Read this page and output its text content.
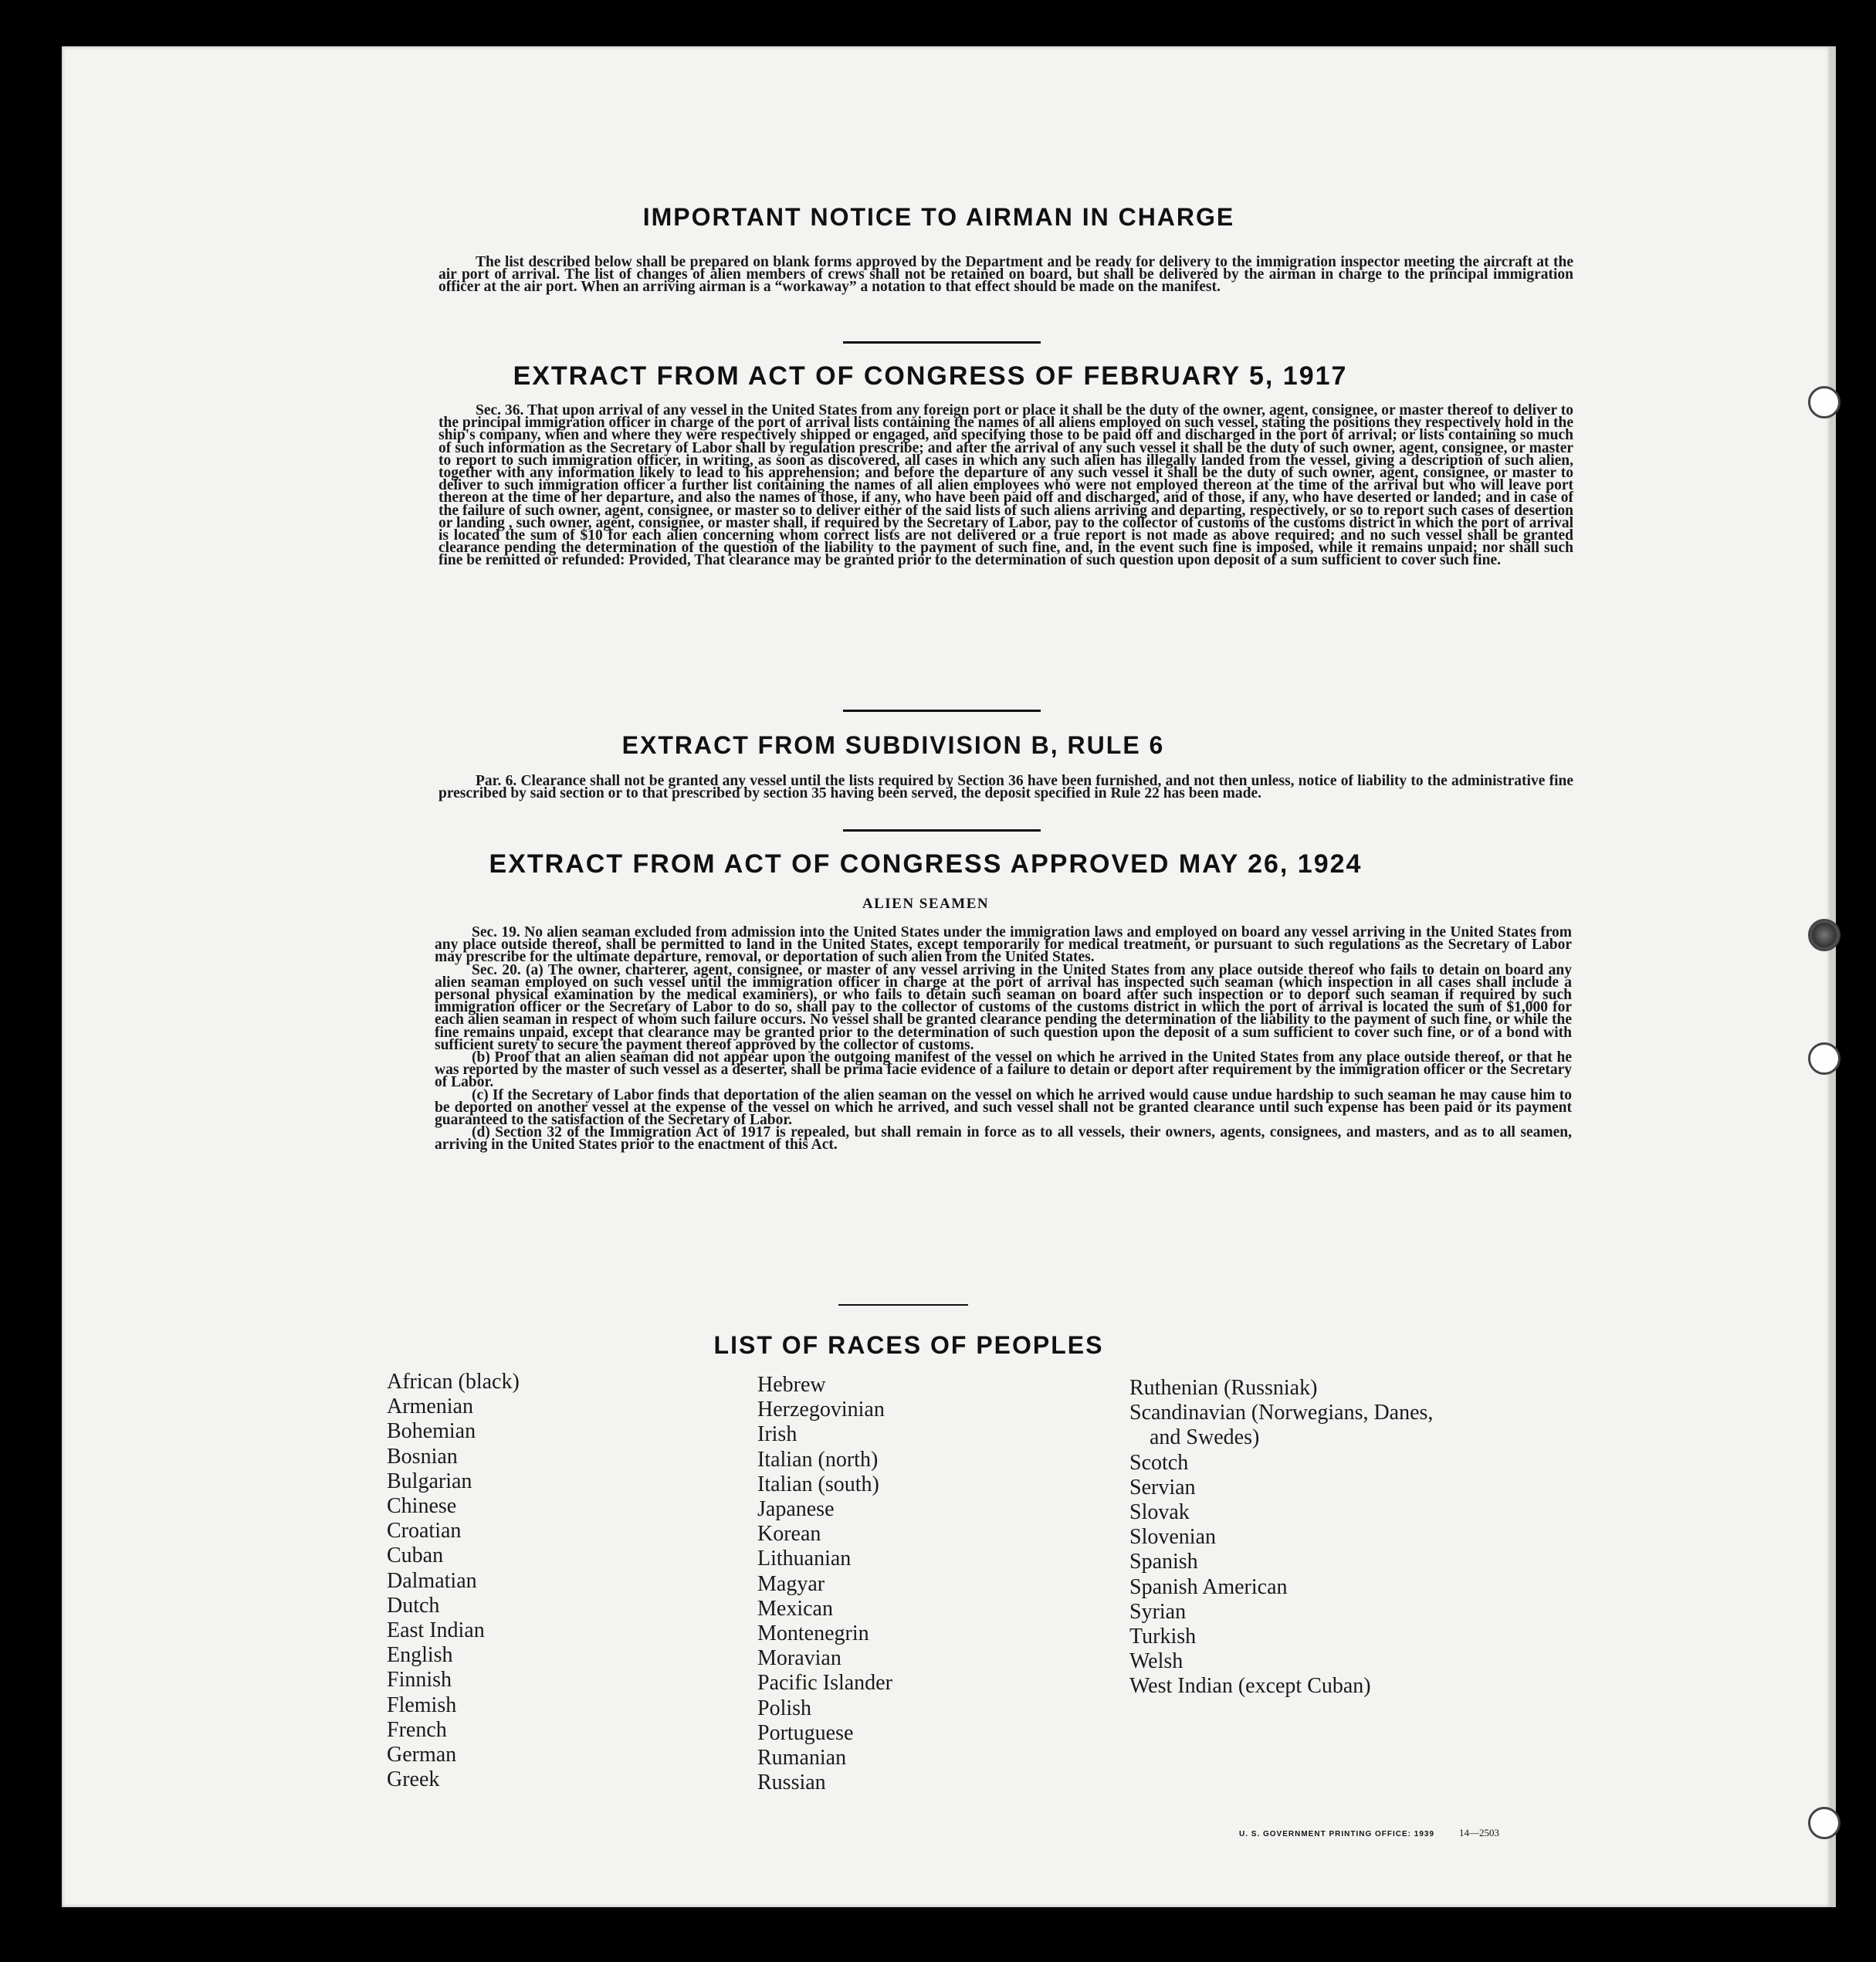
IMPORTANT NOTICE TO AIRMAN IN CHARGE

The list described below shall be prepared on blank forms approved by the Department and be ready for delivery to the immigration inspector meeting the aircraft at the air port of arrival. The list of changes of alien members of crews shall not be retained on board, but shall be delivered by the airman in charge to the principal immigration officer at the air port. When an arriving airman is a “workaway” a notation to that effect should be made on the manifest.

EXTRACT FROM ACT OF CONGRESS OF FEBRUARY 5, 1917

Sec. 36. That upon arrival of any vessel in the United States from any foreign port or place it shall be the duty of the owner, agent, consignee, or master thereof to deliver to the principal immigration officer in charge of the port of arrival lists containing the names of all aliens employed on such vessel, stating the positions they respectively hold in the ship's company, when and where they were respectively shipped or engaged, and specifying those to be paid off and discharged in the port of arrival; or lists containing so much of such information as the Secretary of Labor shall by regulation prescribe; and after the arrival of any such vessel it shall be the duty of such owner, agent, consignee, or master to report to such immigration officer, in writing, as soon as discovered, all cases in which any such alien has illegally landed from the vessel, giving a description of such alien, together with any information likely to lead to his apprehension; and before the departure of any such vessel it shall be the duty of such owner, agent, consignee, or master to deliver to such immigration officer a further list containing the names of all alien employees who were not employed thereon at the time of the arrival but who will leave port thereon at the time of her departure, and also the names of those, if any, who have been paid off and discharged, and of those, if any, who have deserted or landed; and in case of the failure of such owner, agent, consignee, or master so to deliver either of the said lists of such aliens arriving and departing, respectively, or so to report such cases of desertion or landing , such owner, agent, consignee, or master shall, if required by the Secretary of Labor, pay to the collector of customs of the customs district in which the port of arrival is located the sum of $10 for each alien concerning whom correct lists are not delivered or a true report is not made as above required; and no such vessel shall be granted clearance pending the determination of the question of the liability to the payment of such fine, and, in the event such fine is imposed, while it remains unpaid; nor shall such fine be remitted or refunded: Provided, That clearance may be granted prior to the determination of such question upon deposit of a sum sufficient to cover such fine.

EXTRACT FROM SUBDIVISION B, RULE 6

Par. 6. Clearance shall not be granted any vessel until the lists required by Section 36 have been furnished, and not then unless, notice of liability to the administrative fine prescribed by said section or to that prescribed by section 35 having been served, the deposit specified in Rule 22 has been made.

EXTRACT FROM ACT OF CONGRESS APPROVED MAY 26, 1924
ALIEN SEAMEN

Sec. 19. No alien seaman excluded from admission into the United States under the immigration laws and employed on board any vessel arriving in the United States from any place outside thereof, shall be permitted to land in the United States, except temporarily for medical treatment, or pursuant to such regulations as the Secretary of Labor may prescribe for the ultimate departure, removal, or deportation of such alien from the United States.

Sec. 20. (a) The owner, charterer, agent, consignee, or master of any vessel arriving in the United States from any place outside thereof who fails to detain on board any alien seaman employed on such vessel until the immigration officer in charge at the port of arrival has inspected such seaman (which inspection in all cases shall include a personal physical examination by the medical examiners), or who fails to detain such seaman on board after such inspection or to deport such seaman if required by such immigration officer or the Secretary of Labor to do so, shall pay to the collector of customs of the customs district in which the port of arrival is located the sum of $1,000 for each alien seaman in respect of whom such failure occurs. No vessel shall be granted clearance pending the determination of the liability to the payment of such fine, or while the fine remains unpaid, except that clearance may be granted prior to the determination of such question upon the deposit of a sum sufficient to cover such fine, or of a bond with sufficient surety to secure the payment thereof approved by the collector of customs.

(b) Proof that an alien seaman did not appear upon the outgoing manifest of the vessel on which he arrived in the United States from any place outside thereof, or that he was reported by the master of such vessel as a deserter, shall be prima facie evidence of a failure to detain or deport after requirement by the immigration officer or the Secretary of Labor.

(c) If the Secretary of Labor finds that deportation of the alien seaman on the vessel on which he arrived would cause undue hardship to such seaman he may cause him to be deported on another vessel at the expense of the vessel on which he arrived, and such vessel shall not be granted clearance until such expense has been paid or its payment guaranteed to the satisfaction of the Secretary of Labor.

(d) Section 32 of the Immigration Act of 1917 is repealed, but shall remain in force as to all vessels, their owners, agents, consignees, and masters, and as to all seamen, arriving in the United States prior to the enactment of this Act.

LIST OF RACES OF PEOPLES
African (black)
Armenian
Bohemian
Bosnian
Bulgarian
Chinese
Croatian
Cuban
Dalmatian
Dutch
East Indian
English
Finnish
Flemish
French
German
Greek
Hebrew
Herzegovinian
Irish
Italian (north)
Italian (south)
Japanese
Korean
Lithuanian
Magyar
Mexican
Montenegrin
Moravian
Pacific Islander
Polish
Portuguese
Rumanian
Russian
Ruthenian (Russniak)
Scandinavian (Norwegians, Danes,
and Swedes)
Scotch
Servian
Slovak
Slovenian
Spanish
Spanish American
Syrian
Turkish
Welsh
West Indian (except Cuban)
U. S. GOVERNMENT PRINTING OFFICE: 1939 14—2503
